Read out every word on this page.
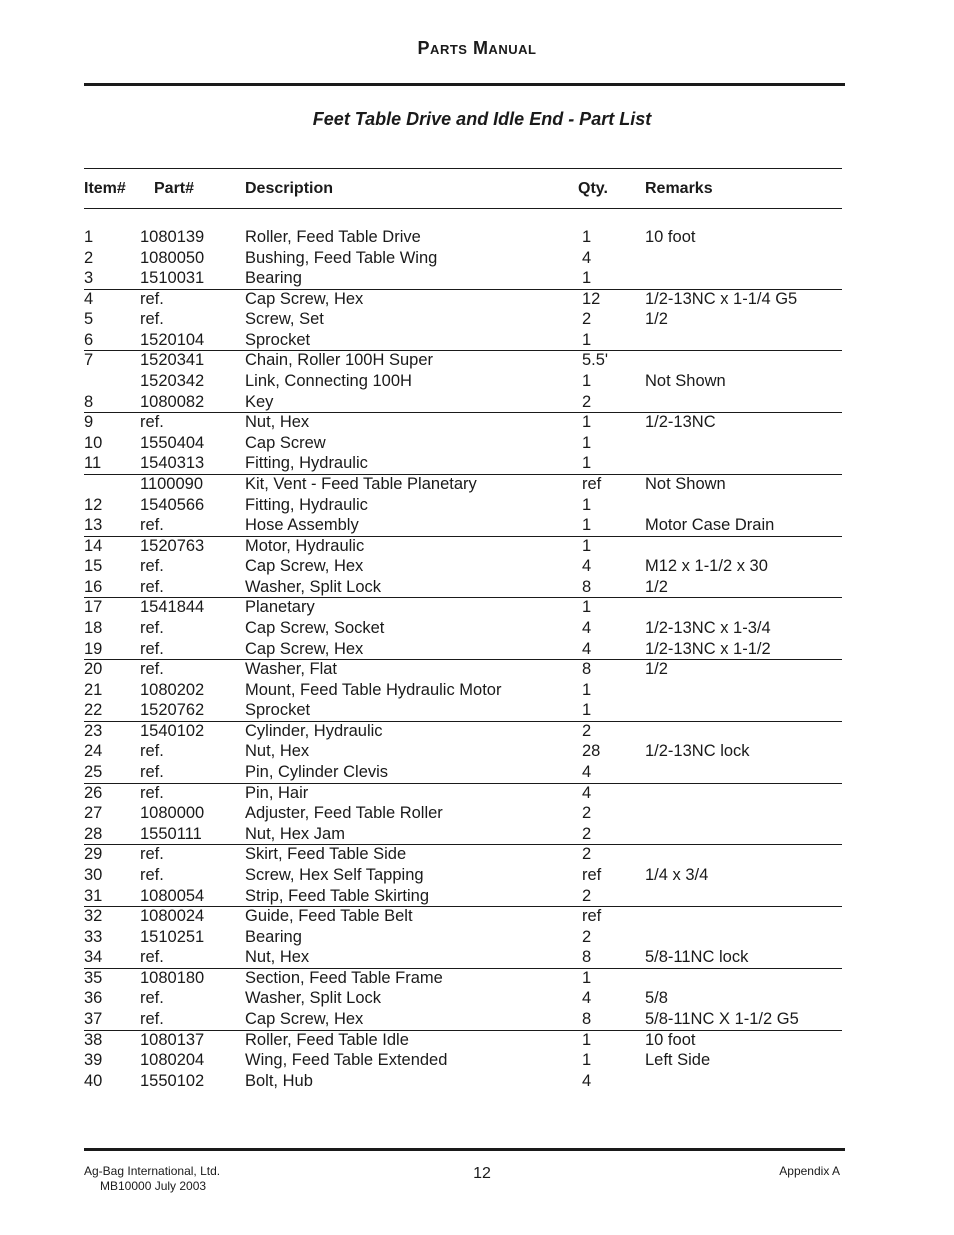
Parts Manual
Feet Table Drive and Idle End - Part List
Item# Part#	Description	Qty. Remarks
1	1080139 Roller, Feed Table Drive	1	10 foot
2	1080050 Bushing, Feed Table Wing	4
3	1510031 Bearing	1
4	ref.	Cap Screw, Hex	12	1/2-13NC x 1-1/4 G5
5	ref.	Screw, Set	2	1/2
6	1520104 Sprocket	1
7	1520341 Chain, Roller 100H Super	5.5'
1520342 Link, Connecting 100H	1	Not Shown
8	1080082 Key	2
9	ref.	Nut, Hex	1	1/2-13NC
10 1550404 Cap Screw	1
11 1540313 Fitting, Hydraulic	1
1100090	Kit, Vent - Feed Table Planetary	ref	Not Shown
12 1540566 Fitting, Hydraulic	1
13 ref.	Hose Assembly	1	Motor Case Drain
14 1520763 Motor, Hydraulic	1
15 ref.	Cap Screw, Hex	4	M12 x 1-1/2 x 30
16 ref.	Washer, Split Lock	8	1/2
17 1541844 Planetary	1
18 ref.	Cap Screw, Socket	4	1/2-13NC x 1-3/4
19 ref.	Cap Screw, Hex	4	1/2-13NC x 1-1/2
20 ref.	Washer, Flat	8	1/2
21 1080202 Mount, Feed Table Hydraulic Motor	1
22 1520762 Sprocket	1
23 1540102 Cylinder, Hydraulic	2
24 ref.	Nut, Hex	28	1/2-13NC lock
25 ref.	Pin, Cylinder Clevis	4
26 ref.	Pin, Hair	4
27 1080000 Adjuster, Feed Table Roller	2
28 1550111	Nut, Hex Jam	2
29 ref.	Skirt, Feed Table Side	2
30 ref.	Screw, Hex Self Tapping	ref	1/4 x 3/4
31 1080054 Strip, Feed Table Skirting	2
32 1080024 Guide, Feed Table Belt	ref
33 1510251 Bearing	2
34 ref.	Nut, Hex	8	5/8-11NC lock
35 1080180 Section, Feed Table Frame	1
36 ref.	Washer, Split Lock	4	5/8
37 ref.	Cap Screw, Hex	8	5/8-11NC X 1-1/2 G5
38 1080137 Roller, Feed Table Idle	1	10 foot
39 1080204 Wing, Feed Table Extended	1	Left Side
40 1550102 Bolt, Hub	4
Ag-Bag International, Ltd.
MB10000 July 2003
12	Appendix A
